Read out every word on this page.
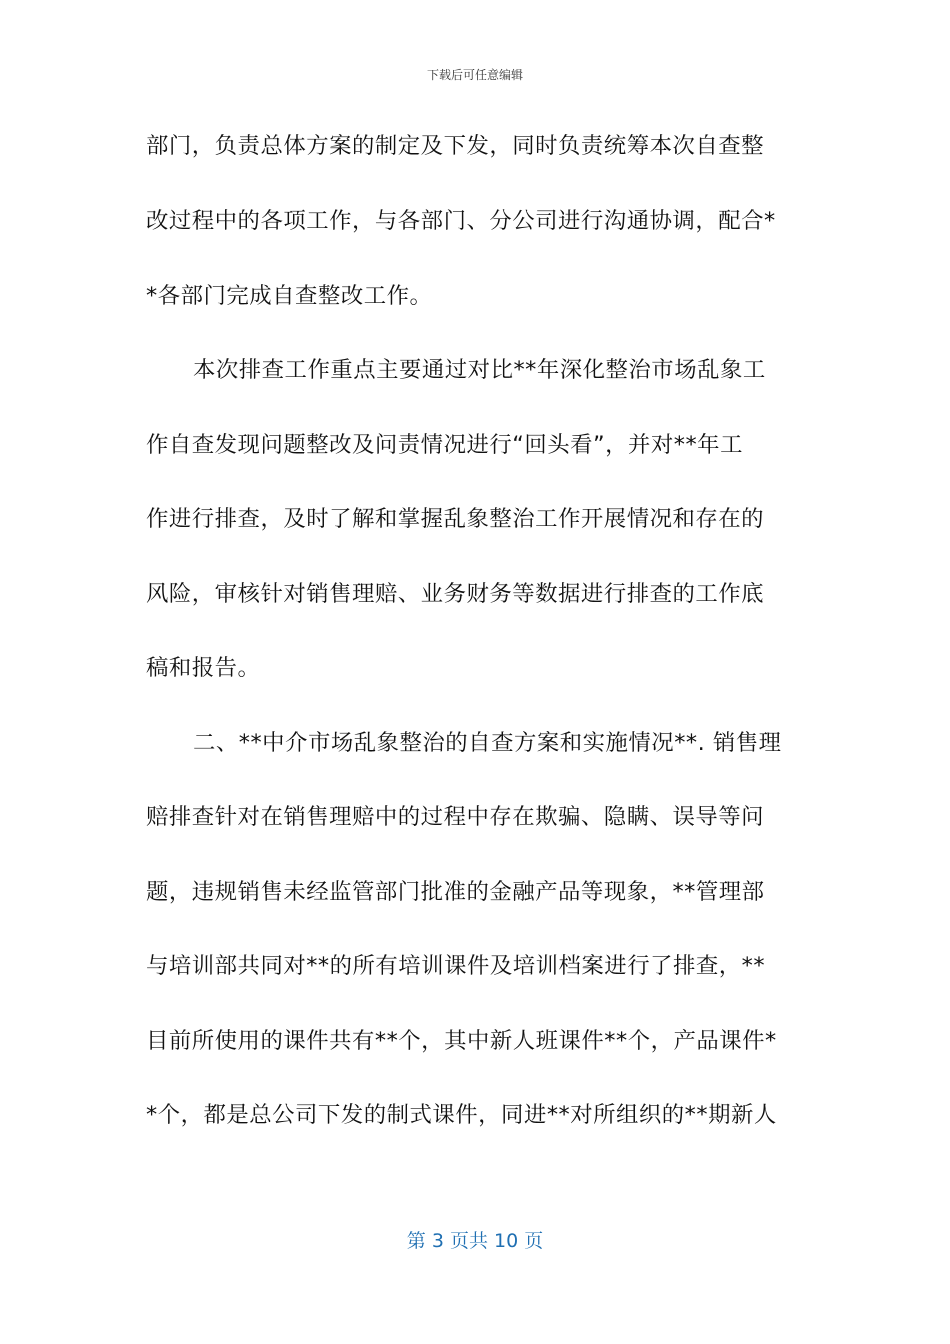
下载后可任意编辑
部门，负责总体方案的制定及下发，同时负责统筹本次自查整
改过程中的各项工作，与各部门、分公司进行沟通协调，配合*
*各部门完成自查整改工作。
本次排查工作重点主要通过对比**年深化整治市场乱象工
作自查发现问题整改及问责情况进行“回头看”，并对**年工
作进行排查，及时了解和掌握乱象整治工作开展情况和存在的
风险，审核针对销售理赔、业务财务等数据进行排查的工作底
稿和报告。
二、**中介市场乱象整治的自查方案和实施情况**. 销售理
赔排查针对在销售理赔中的过程中存在欺骗、隐瞒、误导等问
题，违规销售未经监管部门批准的金融产品等现象，**管理部
与培训部共同对**的所有培训课件及培训档案进行了排查，**
目前所使用的课件共有**个，其中新人班课件**个，产品课件*
*个，都是总公司下发的制式课件，同进**对所组织的**期新人
第 3 页共 10 页
